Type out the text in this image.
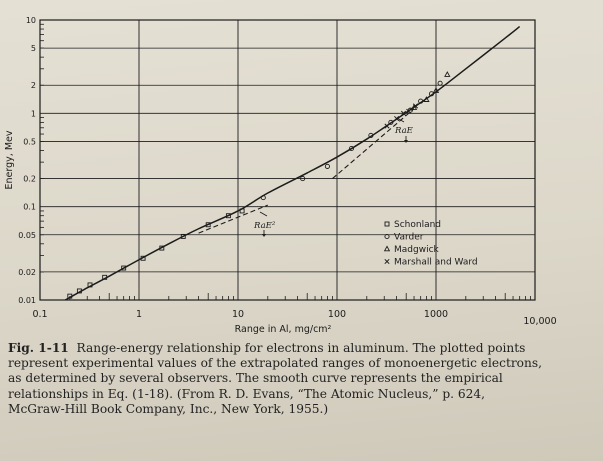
0.1	1	10	100	1000
10,000
0.01
0.02
0.05
0.1
0.2
0.5
1
2
5
10
Range in Al, mg/cm²
Energy, Mev
RaE²
RaE
Schonland
Varder
Madgwick
Marshall and Ward
Fig. 1-11 Range-energy relationship for electrons in aluminum. The plotted points
represent experimental values of the extrapolated ranges of monoenergetic electrons,
as determined by several observers. The smooth curve represents the empirical
relationships in Eq. (1-18). (From R. D. Evans, “The Atomic Nucleus,” p. 624,
McGraw-Hill Book Company, Inc., New York, 1955.)
